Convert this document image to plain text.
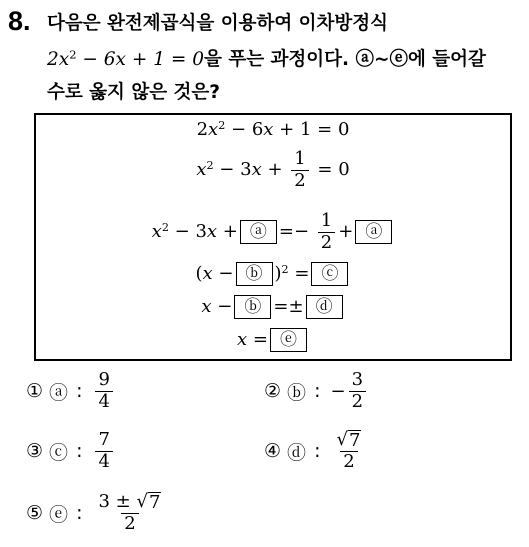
8. 다음은 완전제곱식을 이용하여 이차방정식
$2x^2 - 6x + 1 = 0$을 푸는 과정이다. ⓐ~ⓔ에 들어갈
수로 옳지 않은 것은?
$2x^2 - 6x + 1 = 0$
$x^2 - 3x + \frac{1}{2} = 0$
$x^2 - 3x$ + ⓐ =− $\frac{1}{2}$ + ⓐ
(x − ⓑ )$^2$ = ⓒ
x − ⓑ =± ⓓ
x = ⓔ
① ⓐ : $\frac{9}{4}$	② ⓑ : − $\frac{3}{2}$
③ ⓒ : $\frac{7}{4}$	④ ⓓ : $\frac{√ 7}{2}$
⑤ ⓔ : $\frac{3 \pm √ 7}{2}$
